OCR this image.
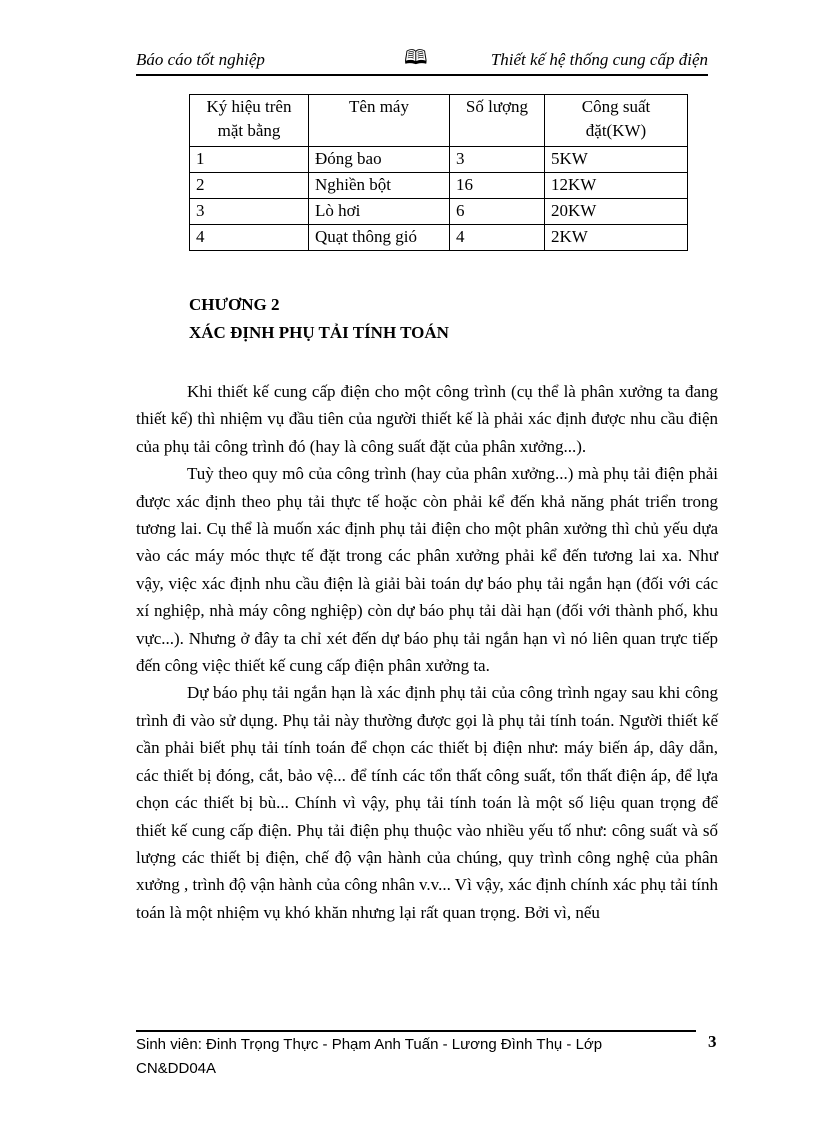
Báo cáo tốt nghiệp	🕮	Thiết kế hệ thống cung cấp điện
Ký hiệu trên mặt bằng	Tên máy	Số lượng	Công suất đặt(KW)
1	Đóng bao	3	5KW
2	Nghiền bột	16	12KW
3	Lò hơi	6	20KW
4	Quạt thông gió	4	2KW
CHƯƠNG 2
XÁC ĐỊNH PHỤ TẢI TÍNH TOÁN

Khi thiết kế cung cấp điện cho một công trình (cụ thể là phân xưởng ta đang thiết kế) thì nhiệm vụ đầu tiên của người thiết kế là phải xác định được nhu cầu điện của phụ tải công trình đó (hay là công suất đặt của phân xưởng...).

Tuỳ theo quy mô của công trình (hay của phân xưởng...) mà phụ tải điện phải được xác định theo phụ tải thực tế hoặc còn phải kể đến khả năng phát triển trong tương lai. Cụ thể là muốn xác định phụ tải điện cho một phân xưởng thì chủ yếu dựa vào các máy móc thực tế đặt trong các phân xưởng phải kể đến tương lai xa. Như vậy, việc xác định nhu cầu điện là giải bài toán dự báo phụ tải ngắn hạn (đối với các xí nghiệp, nhà máy công nghiệp) còn dự báo phụ tải dài hạn (đối với thành phố, khu vực...). Nhưng ở đây ta chỉ xét đến dự báo phụ tải ngắn hạn vì nó liên quan trực tiếp đến công việc thiết kế cung cấp điện phân xưởng ta.

Dự báo phụ tải ngắn hạn là xác định phụ tải của công trình ngay sau khi công trình đi vào sử dụng. Phụ tải này thường được gọi là phụ tải tính toán. Người thiết kế cần phải biết phụ tải tính toán để chọn các thiết bị điện như: máy biến áp, dây dẫn, các thiết bị đóng, cắt, bảo vệ... để tính các tổn thất công suất, tổn thất điện áp, để lựa chọn các thiết bị bù... Chính vì vậy, phụ tải tính toán là một số liệu quan trọng để thiết kế cung cấp điện. Phụ tải điện phụ thuộc vào nhiều yếu tố như: công suất và số lượng các thiết bị điện, chế độ vận hành của chúng, quy trình công nghệ của phân xưởng , trình độ vận hành của công nhân v.v... Vì vậy, xác định chính xác phụ tải tính toán là một nhiệm vụ khó khăn nhưng lại rất quan trọng. Bởi vì, nếu

Sinh viên: Đinh Trọng Thực - Phạm Anh Tuấn - Lương Đình Thụ - Lớp CN&DD04A
3
